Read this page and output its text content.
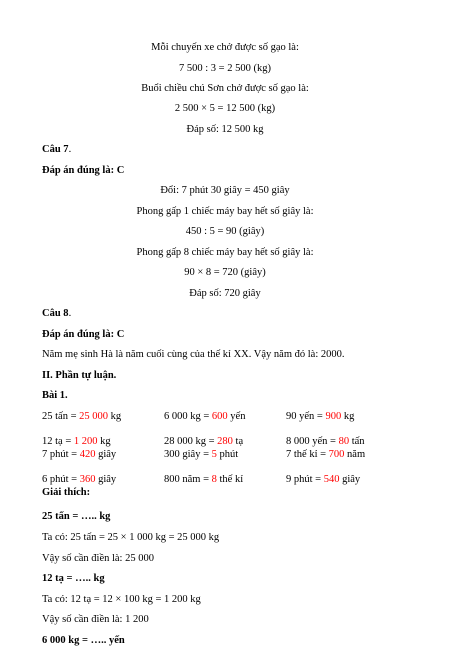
Mỗi chuyến xe chở được số gạo là:
7 500 : 3 = 2 500 (kg)
Buổi chiều chú Sơn chở được số gạo là:
2 500 × 5 = 12 500 (kg)
Đáp số: 12 500 kg
Câu 7.
Đáp án đúng là: C
Đổi: 7 phút 30 giây = 450 giây
Phong gấp 1 chiếc máy bay hết số giây là:
450 : 5 = 90 (giây)
Phong gấp 8 chiếc máy bay hết số giây là:
90 × 8 = 720 (giây)
Đáp số: 720 giây
Câu 8.
Đáp án đúng là: C
Năm mẹ sinh Hà là năm cuối cùng của thế kỉ XX. Vậy năm đó là: 2000.
II. Phần tự luận.
Bài 1.
25 tấn = 25 000 kg	6 000 kg = 600 yến	90 yến = 900 kg
12 tạ = 1 200 kg	28 000 kg = 280 tạ	8 000 yến = 80 tấn
7 phút = 420 giây	300 giây = 5 phút	7 thế kỉ = 700 năm
6 phút = 360 giây	800 năm = 8 thế kỉ	9 phút = 540 giây
Giải thích:
25 tấn = ….. kg
Ta có: 25 tấn = 25 × 1 000 kg = 25 000 kg
Vậy số cần điền là: 25 000
12 tạ = ….. kg
Ta có: 12 tạ = 12 × 100 kg = 1 200 kg
Vậy số cần điền là: 1 200
6 000 kg = ….. yến
